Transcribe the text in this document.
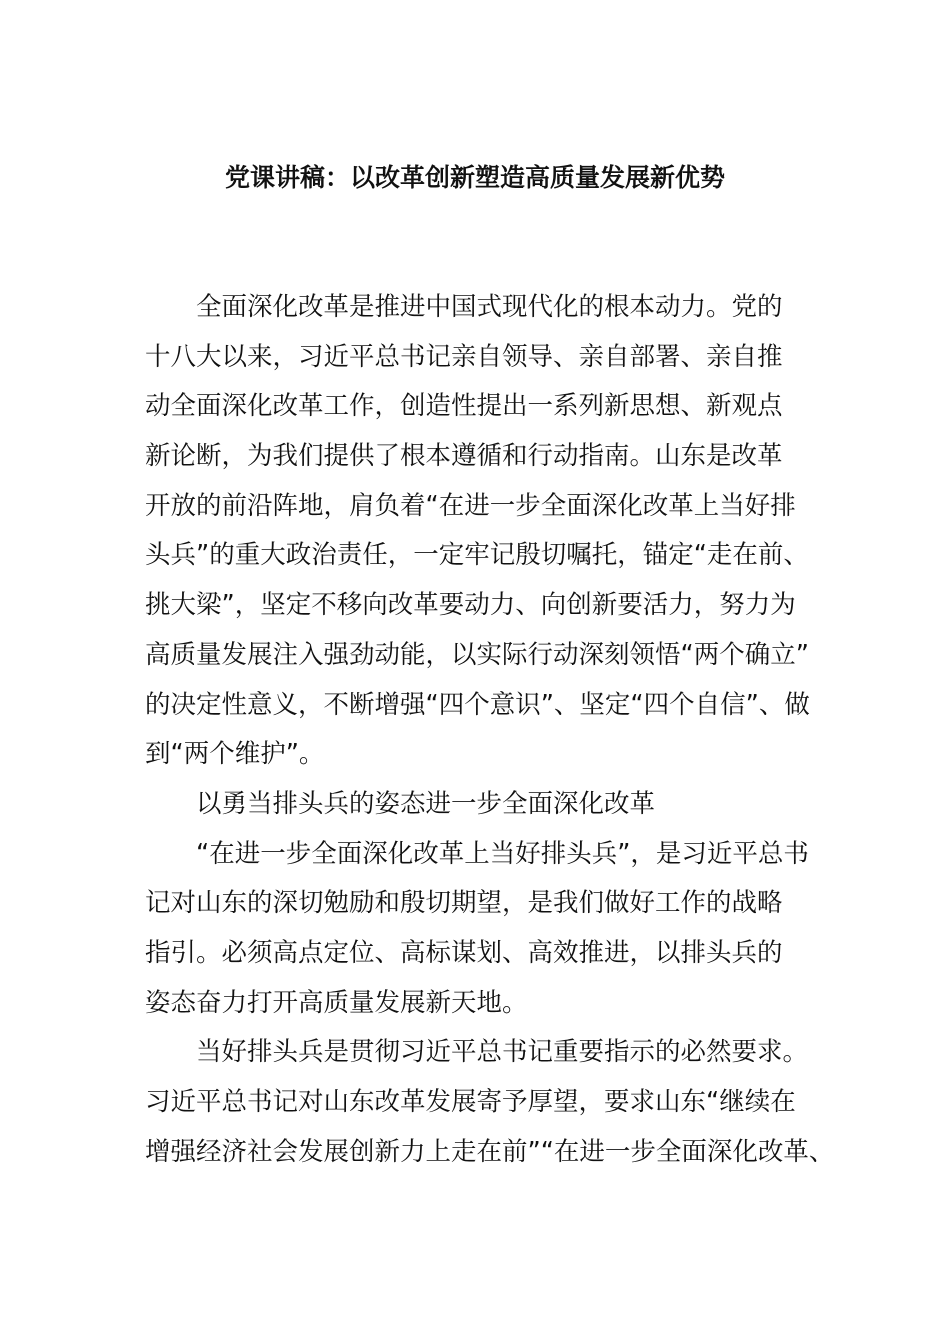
党课讲稿：以改革创新塑造高质量发展新优势
全面深化改革是推进中国式现代化的根本动力。党的
十八大以来，习近平总书记亲自领导、亲自部署、亲自推
动全面深化改革工作，创造性提出一系列新思想、新观点
新论断，为我们提供了根本遵循和行动指南。山东是改革
开放的前沿阵地，肩负着“在进一步全面深化改革上当好排
头兵”的重大政治责任，一定牢记殷切嘱托，锚定“走在前、
挑大梁”，坚定不移向改革要动力、向创新要活力，努力为
高质量发展注入强劲动能，以实际行动深刻领悟“两个确立”
的决定性意义，不断增强“四个意识”、坚定“四个自信”、做
到“两个维护”。
以勇当排头兵的姿态进一步全面深化改革
“在进一步全面深化改革上当好排头兵”，是习近平总书
记对山东的深切勉励和殷切期望，是我们做好工作的战略
指引。必须高点定位、高标谋划、高效推进，以排头兵的
姿态奋力打开高质量发展新天地。
当好排头兵是贯彻习近平总书记重要指示的必然要求。
习近平总书记对山东改革发展寄予厚望，要求山东“继续在
增强经济社会发展创新力上走在前”“在进一步全面深化改革、
